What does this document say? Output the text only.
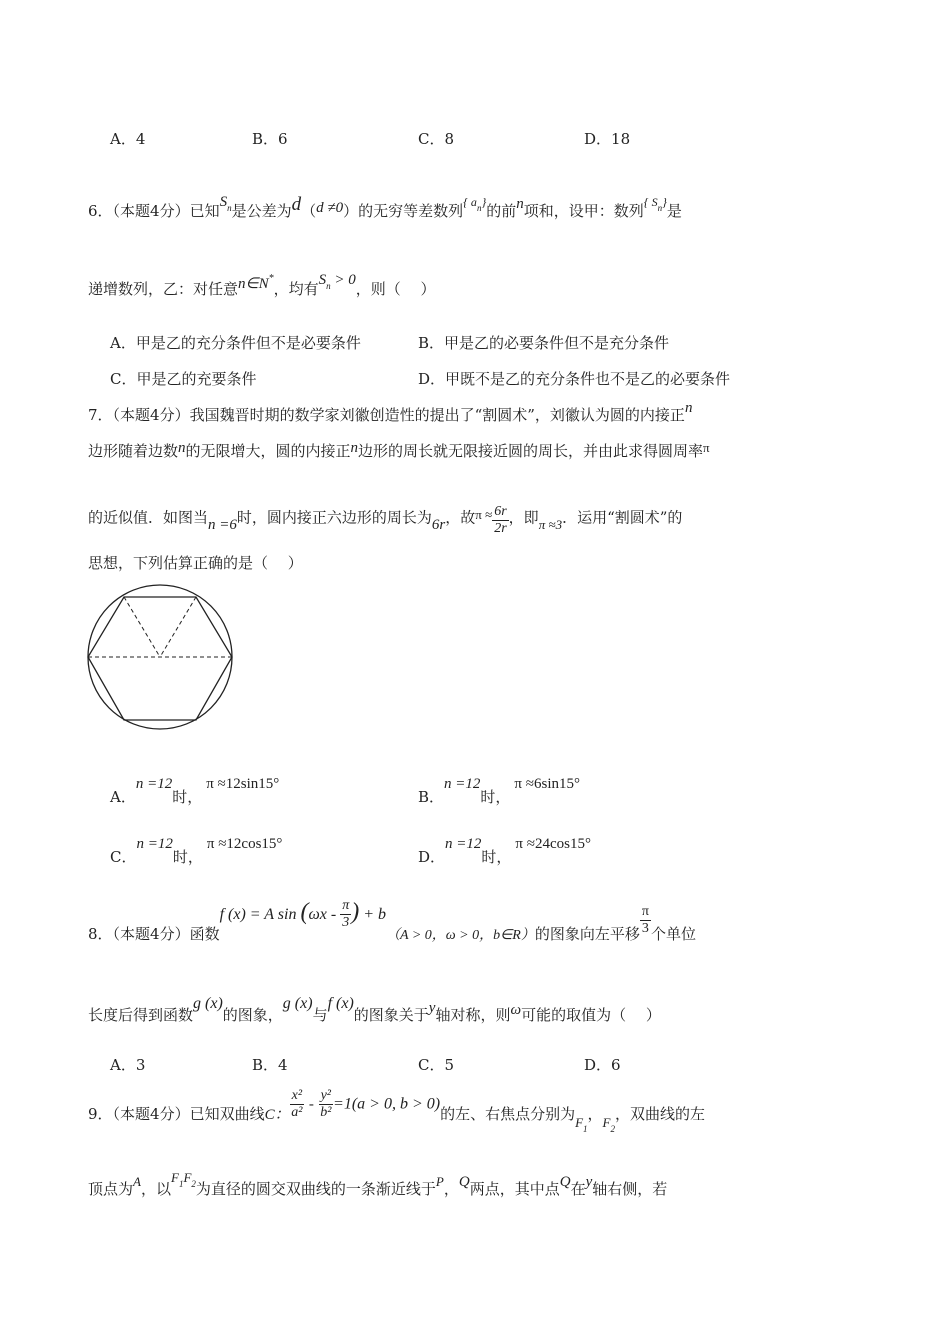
A．4	B．6	C．8	D．18
6．（本题4分）已知$S_n$是公差为d（d ≠0）的无穷等差数列$^{\{ a_n\}}$的前n项和，设甲：数列$^{\{ S_n\}}$是
递增数列，乙：对任意n∈N*，均有$S_n > 0$，则（　 ）
A．甲是乙的充分条件但不是必要条件	B．甲是乙的必要条件但不是充分条件
C．甲是乙的充要条件	D．甲既不是乙的充分条件也不是乙的必要条件
7．（本题4分）我国魏晋时期的数学家刘徽创造性的提出了“割圆术”，刘徽认为圆的内接正n
边形随着边数n的无限增大，圆的内接正n边形的周长就无限接近圆的周长，并由此求得圆周率π
的近似值．如图当n =6时，圆内接正六边形的周长为6r，故$\pi \approx \frac{6r}{2r}$ ，即π ≈3．运用“割圆术”的
思想，下列估算正确的是（　 ）
A．n =12时，π ≈12sin15°
B．n =12时，π ≈6sin15°
C．n =12时，π ≈12cos15°
D．n =12时，π ≈24cos15°
8．（本题4分）函数f (x) = A $\sin (\omega x - \frac{\pi}{3}$ ) + b（A > 0，ω > 0，b∈R）的图象向左平移 $\frac{\pi}{3}$ 个单位
长度后得到函数g (x)的图象，g (x)与f (x)的图象关于y轴对称，则ω可能的取值为（　 ）
A．3	B．4	C．5	D．6
9．（本题4分）已知双曲线C： $\frac{\text{x²}}{\text{a²}} - \frac{\text{y²}}{\text{b²}} =1(a > 0$, b > 0)的左、右焦点分别为$F_1$，$F_2$，双曲线的左
顶点为A，以$F_1F_2$为直径的圆交双曲线的一条渐近线于P，Q两点，其中点Q在y轴右侧，若
